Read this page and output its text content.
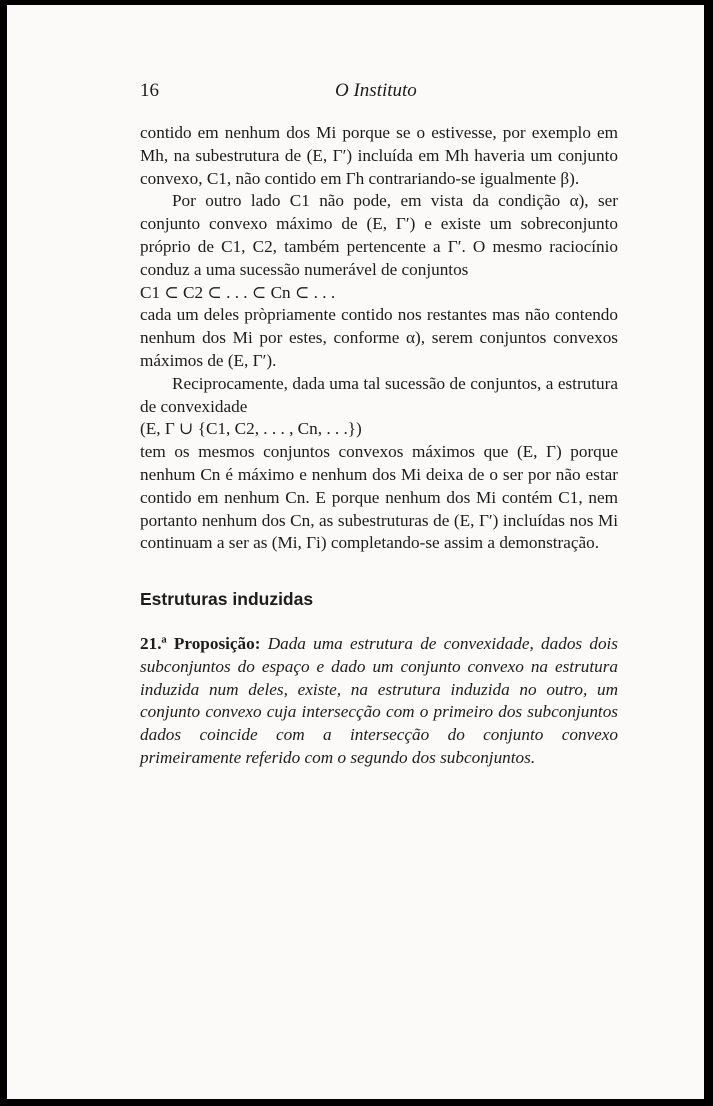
16	O Instituto

contido em nenhum dos Mi porque se o estivesse, por exemplo em Mh, na subestrutura de (E, Γ′) incluída em Mh haveria um conjunto convexo, C1, não contido em Γh contrariando-se igualmente β).

Por outro lado C1 não pode, em vista da condição α), ser conjunto convexo máximo de (E, Γ′) e existe um sobreconjunto próprio de C1, C2, também pertencente a Γ′. O mesmo raciocínio conduz a uma sucessão numerável de conjuntos

C1 ⊂ C2 ⊂ . . . ⊂ Cn ⊂ . . .

cada um deles pròpriamente contido nos restantes mas não contendo nenhum dos Mi por estes, conforme α), serem conjuntos convexos máximos de (E, Γ′).

Reciprocamente, dada uma tal sucessão de conjuntos, a estrutura de convexidade

(E, Γ ∪ {C1, C2, . . . , Cn, . . .})

tem os mesmos conjuntos convexos máximos que (E, Γ) porque nenhum Cn é máximo e nenhum dos Mi deixa de o ser por não estar contido em nenhum Cn. E porque nenhum dos Mi contém C1, nem portanto nenhum dos Cn, as subestruturas de (E, Γ′) incluídas nos Mi continuam a ser as (Mi, Γi) completando-se assim a demonstração.

Estruturas induzidas

21.ª Proposição: Dada uma estrutura de convexidade, dados dois subconjuntos do espaço e dado um conjunto convexo na estrutura induzida num deles, existe, na estrutura induzida no outro, um conjunto convexo cuja intersecção com o primeiro dos subconjuntos dados coincide com a intersecção do conjunto convexo primeiramente referido com o segundo dos subconjuntos.
